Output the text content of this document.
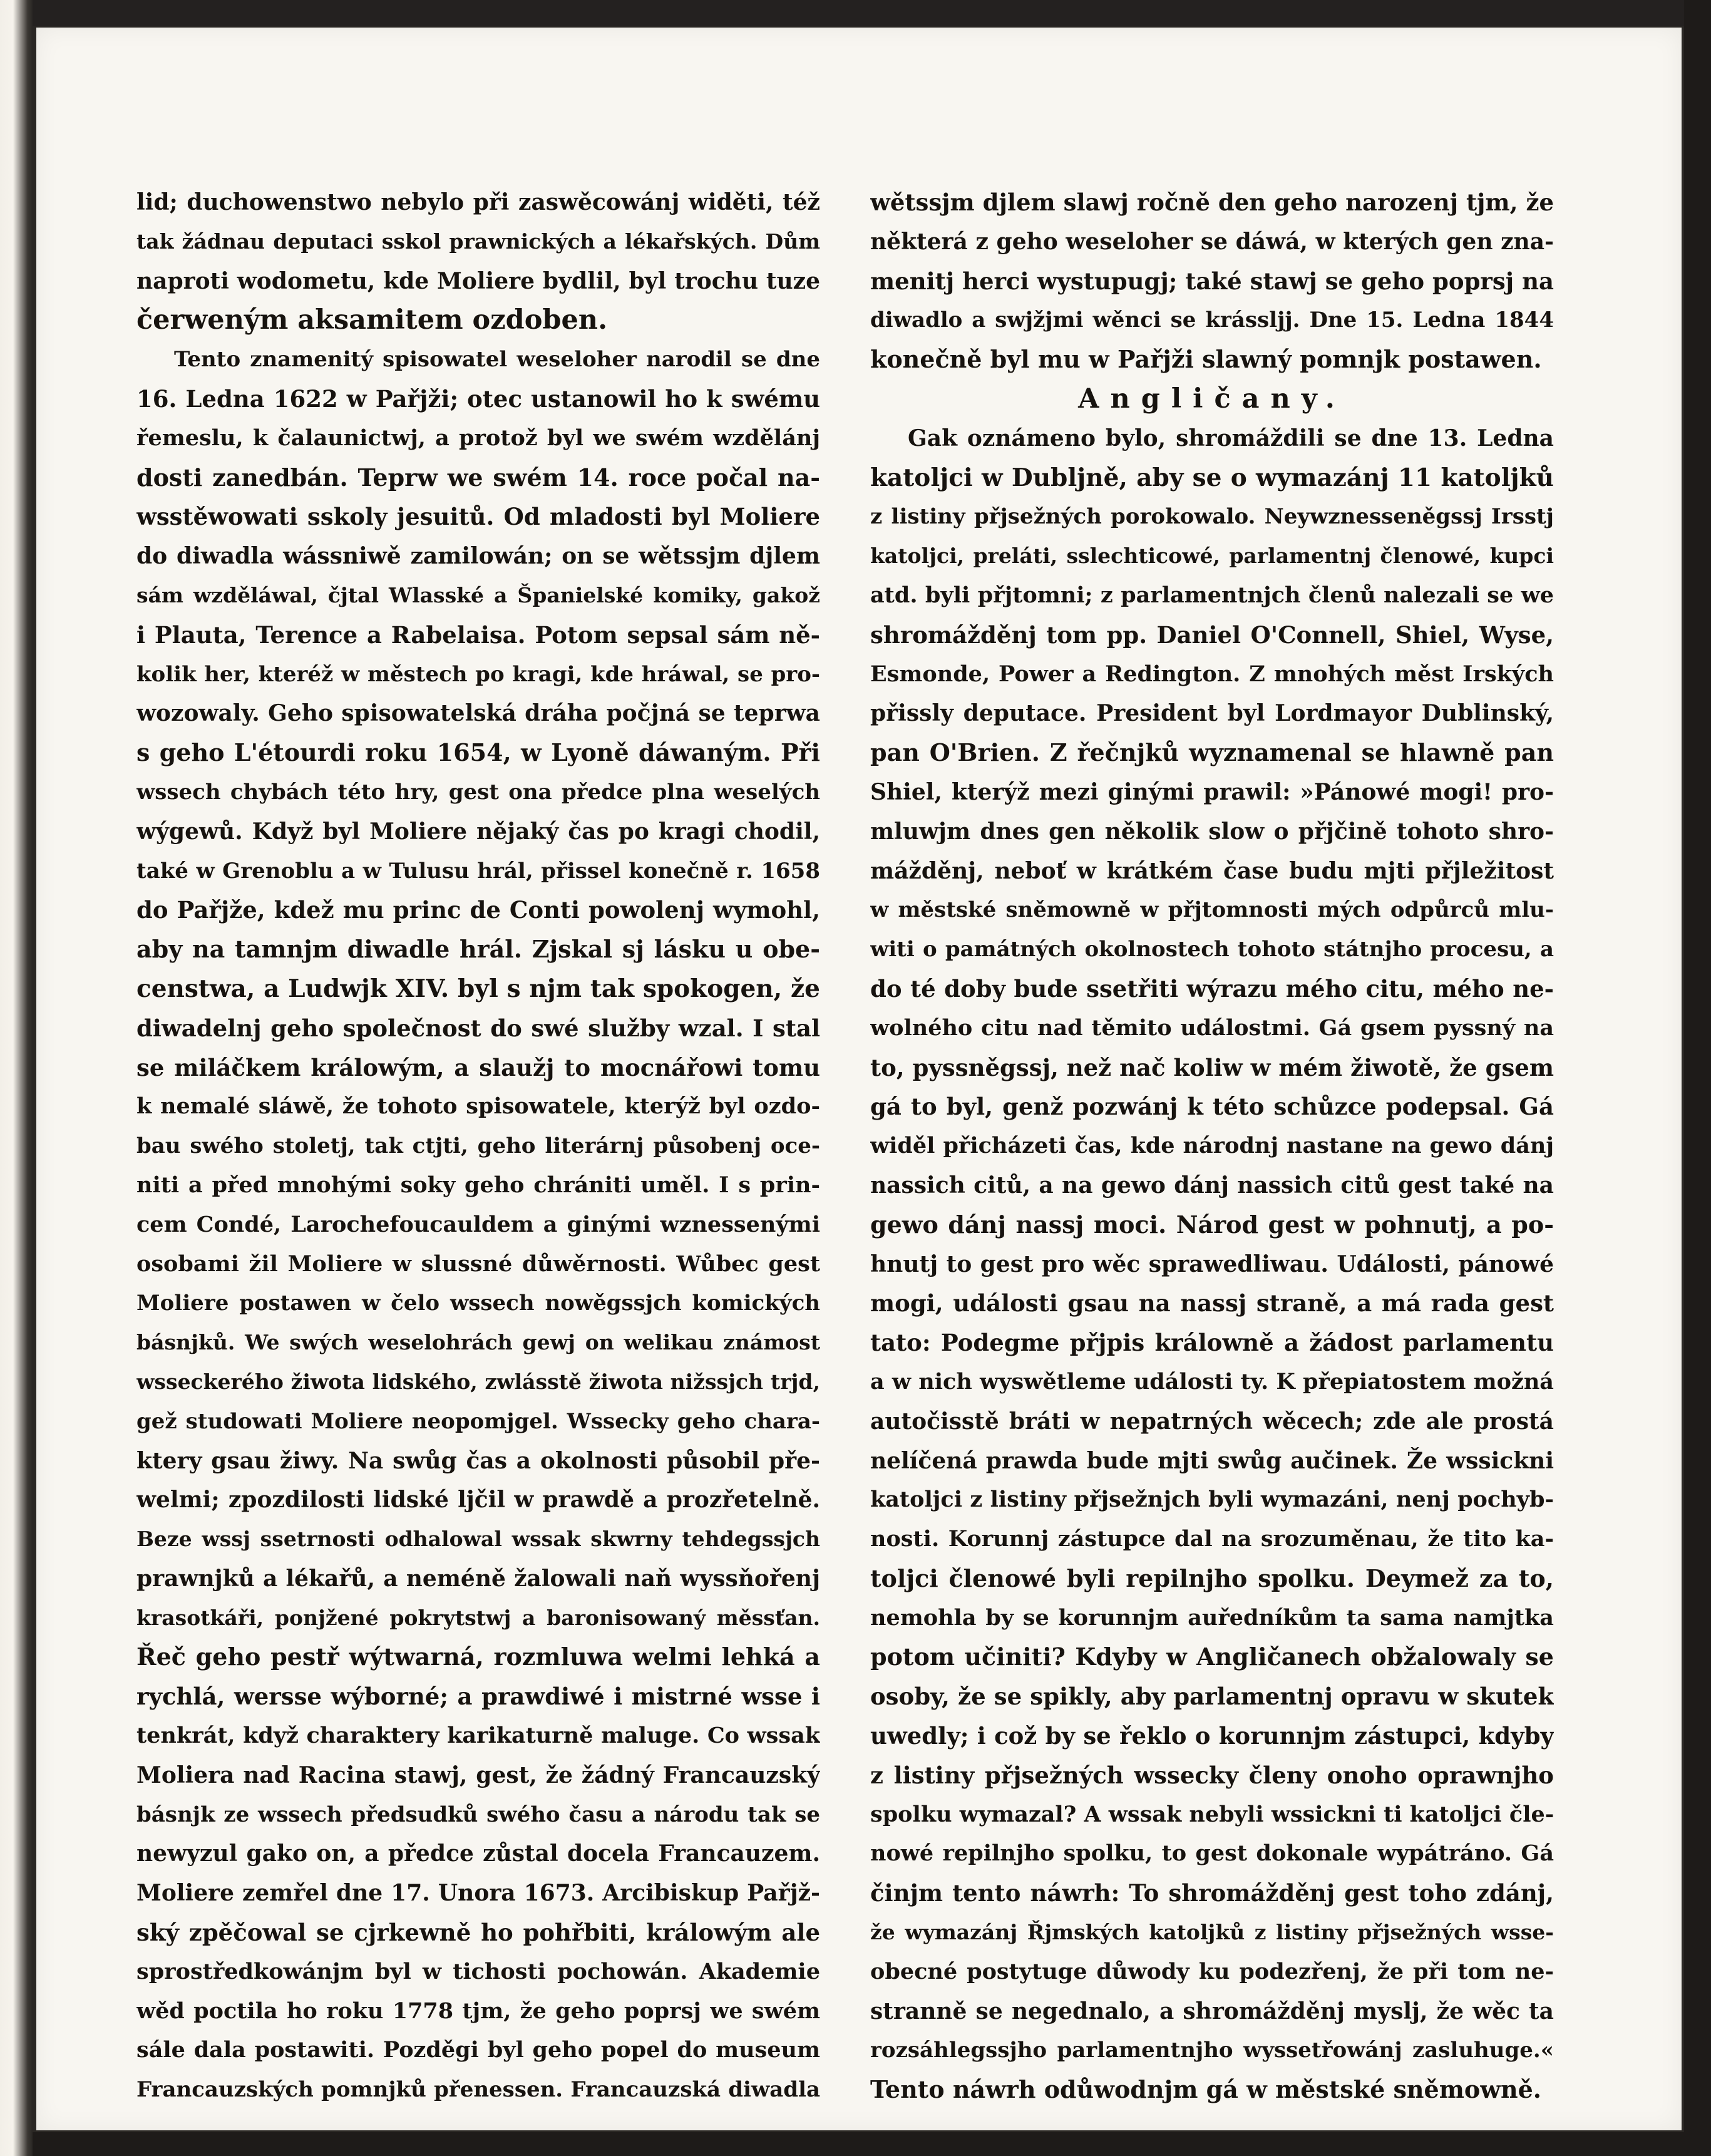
lid; duchowenstwo nebylo při zaswěcowánj widěti, též
tak žádnau deputaci sskol prawnických a lékařských. Dům
naproti wodometu, kde Moliere bydlil, byl trochu tuze
čerweným aksamitem ozdoben.
Tento znamenitý spisowatel weseloher narodil se dne
16. Ledna 1622 w Pařjži; otec ustanowil ho k swému
řemeslu, k čalaunictwj, a protož byl we swém wzdělánj
dosti zanedbán. Teprw we swém 14. roce počal na-
wsstěwowati sskoly jesuitů. Od mladosti byl Moliere
do diwadla wássniwě zamilowán; on se wětssjm djlem
sám wzděláwal, čjtal Wlasské a Španielské komiky, gakož
i Plauta, Terence a Rabelaisa. Potom sepsal sám ně-
kolik her, kteréž w městech po kragi, kde hráwal, se pro-
wozowaly. Geho spisowatelská dráha počjná se teprwa
s geho L'étourdi roku 1654, w Lyoně dáwaným. Při
wssech chybách této hry, gest ona předce plna weselých
wýgewů. Když byl Moliere nějaký čas po kragi chodil,
také w Grenoblu a w Tulusu hrál, přissel konečně r. 1658
do Pařjže, kdež mu princ de Conti powolenj wymohl,
aby na tamnjm diwadle hrál. Zjskal sj lásku u obe-
censtwa, a Ludwjk XIV. byl s njm tak spokogen, že
diwadelnj geho společnost do swé služby wzal. I stal
se miláčkem králowým, a slaužj to mocnářowi tomu
k nemalé sláwě, že tohoto spisowatele, kterýž byl ozdo-
bau swého stoletj, tak ctjti, geho literárnj působenj oce-
niti a před mnohými soky geho chrániti uměl. I s prin-
cem Condé, Larochefoucauldem a ginými wznessenými
osobami žil Moliere w slussné důwěrnosti. Wůbec gest
Moliere postawen w čelo wssech nowěgssjch komických
básnjků. We swých weselohrách gewj on welikau známost
wsseckerého žiwota lidského, zwlásstě žiwota nižssjch trjd,
gež studowati Moliere neopomjgel. Wssecky geho chara-
ktery gsau žiwy. Na swůg čas a okolnosti působil pře-
welmi; zpozdilosti lidské ljčil w prawdě a prozřetelně.
Beze wssj ssetrnosti odhalowal wssak skwrny tehdegssjch
prawnjků a lékařů, a neméně žalowali naň wyssňořenj
krasotkáři, ponjžené pokrytstwj a baronisowaný měssťan.
Řeč geho pestř wýtwarná, rozmluwa welmi lehká a
rychlá, wersse wýborné; a prawdiwé i mistrné wsse i
tenkrát, když charaktery karikaturně maluge. Co wssak
Moliera nad Racina stawj, gest, že žádný Francauzský
básnjk ze wssech předsudků swého času a národu tak se
newyzul gako on, a předce zůstal docela Francauzem.
Moliere zemřel dne 17. Unora 1673. Arcibiskup Pařjž-
ský zpěčowal se cjrkewně ho pohřbiti, králowým ale
sprostředkowánjm byl w tichosti pochowán. Akademie
wěd poctila ho roku 1778 tjm, že geho poprsj we swém
sále dala postawiti. Pozděgi byl geho popel do museum
Francauzských pomnjků přenessen. Francauzská diwadla
wětssjm djlem slawj ročně den geho narozenj tjm, že
některá z geho weseloher se dáwá, w kterých gen zna-
menitj herci wystupugj; také stawj se geho poprsj na
diwadlo a swjžjmi wěnci se krássljj. Dne 15. Ledna 1844
konečně byl mu w Pařjži slawný pomnjk postawen.
Angličany.
Gak oznámeno bylo, shromáždili se dne 13. Ledna
katoljci w Dubljně, aby se o wymazánj 11 katoljků
z listiny přjsežných porokowalo. Neywznesseněgssj Irsstj
katoljci, preláti, sslechticowé, parlamentnj členowé, kupci
atd. byli přjtomni; z parlamentnjch členů nalezali se we
shromážděnj tom pp. Daniel O'Connell, Shiel, Wyse,
Esmonde, Power a Redington. Z mnohých měst Irských
přissly deputace. President byl Lordmayor Dublinský,
pan O'Brien. Z řečnjků wyznamenal se hlawně pan
Shiel, kterýž mezi ginými prawil: »Pánowé mogi! pro-
mluwjm dnes gen několik slow o přjčině tohoto shro-
mážděnj, neboť w krátkém čase budu mjti přjležitost
w městské sněmowně w přjtomnosti mých odpůrců mlu-
witi o památných okolnostech tohoto státnjho procesu, a
do té doby bude ssetřiti wýrazu mého citu, mého ne-
wolného citu nad těmito událostmi. Gá gsem pyssný na
to, pyssněgssj, než nač koliw w mém žiwotě, že gsem
gá to byl, genž pozwánj k této schůzce podepsal. Gá
widěl přicházeti čas, kde národnj nastane na gewo dánj
nassich citů, a na gewo dánj nassich citů gest také na
gewo dánj nassj moci. Národ gest w pohnutj, a po-
hnutj to gest pro wěc sprawedliwau. Události, pánowé
mogi, události gsau na nassj straně, a má rada gest
tato: Podegme přjpis králowně a žádost parlamentu
a w nich wyswětleme události ty. K přepiatostem možná
autočisstě bráti w nepatrných wěcech; zde ale prostá
nelíčená prawda bude mjti swůg aučinek. Že wssickni
katoljci z listiny přjsežnjch byli wymazáni, nenj pochyb-
nosti. Korunnj zástupce dal na srozuměnau, že tito ka-
toljci členowé byli repilnjho spolku. Deymež za to,
nemohla by se korunnjm auředníkům ta sama namjtka
potom učiniti? Kdyby w Angličanech obžalowaly se
osoby, že se spikly, aby parlamentnj opravu w skutek
uwedly; i což by se řeklo o korunnjm zástupci, kdyby
z listiny přjsežných wssecky členy onoho oprawnjho
spolku wymazal? A wssak nebyli wssickni ti katoljci čle-
nowé repilnjho spolku, to gest dokonale wypátráno. Gá
činjm tento náwrh: To shromážděnj gest toho zdánj,
že wymazánj Řjmských katoljků z listiny přjsežných wsse-
obecné postytuge důwody ku podezřenj, že při tom ne-
stranně se negednalo, a shromážděnj myslj, že wěc ta
rozsáhlegssjho parlamentnjho wyssetřowánj zasluhuge.«
Tento náwrh odůwodnjm gá w městské sněmowně.
